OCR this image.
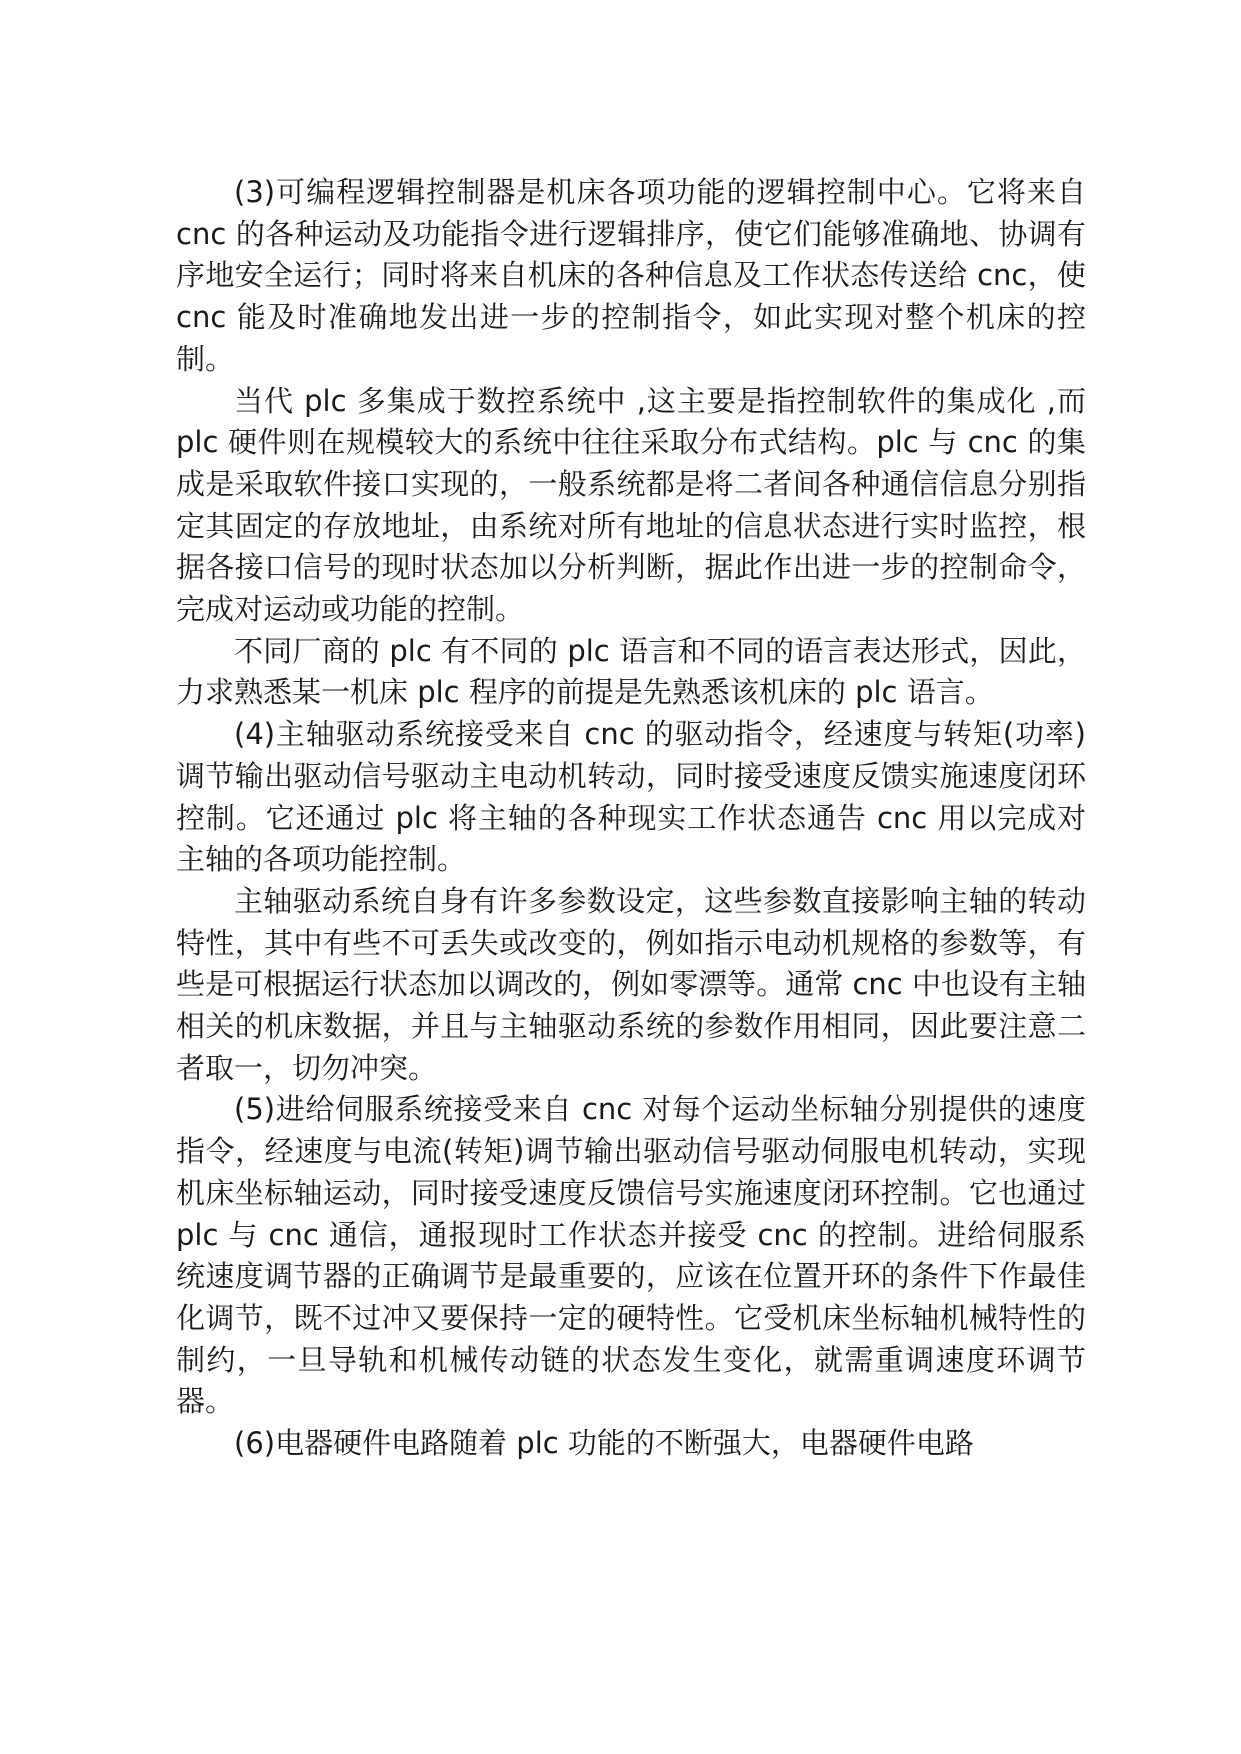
(3)可编程逻辑控制器是机床各项功能的逻辑控制中心。它将来自 cnc 的各种运动及功能指令进行逻辑排序，使它们能够准确地、协调有序地安全运行；同时将来自机床的各种信息及工作状态传送给 cnc，使 cnc 能及时准确地发出进一步的控制指令，如此实现对整个机床的控制。

当代 plc 多集成于数控系统中 ,这主要是指控制软件的集成化 ,而 plc 硬件则在规模较大的系统中往往采取分布式结构。plc 与 cnc 的集成是采取软件接口实现的，一般系统都是将二者间各种通信信息分别指定其固定的存放地址，由系统对所有地址的信息状态进行实时监控，根据各接口信号的现时状态加以分析判断，据此作出进一步的控制命令，完成对运动或功能的控制。

不同厂商的 plc 有不同的 plc 语言和不同的语言表达形式，因此，力求熟悉某一机床 plc 程序的前提是先熟悉该机床的 plc 语言。

(4)主轴驱动系统接受来自 cnc 的驱动指令，经速度与转矩(功率)调节输出驱动信号驱动主电动机转动，同时接受速度反馈实施速度闭环控制。它还通过 plc 将主轴的各种现实工作状态通告 cnc 用以完成对主轴的各项功能控制。

主轴驱动系统自身有许多参数设定，这些参数直接影响主轴的转动特性，其中有些不可丢失或改变的，例如指示电动机规格的参数等，有些是可根据运行状态加以调改的，例如零漂等。通常 cnc 中也设有主轴相关的机床数据，并且与主轴驱动系统的参数作用相同，因此要注意二者取一，切勿冲突。

(5)进给伺服系统接受来自 cnc 对每个运动坐标轴分别提供的速度指令，经速度与电流(转矩)调节输出驱动信号驱动伺服电机转动，实现机床坐标轴运动，同时接受速度反馈信号实施速度闭环控制。它也通过 plc 与 cnc 通信，通报现时工作状态并接受 cnc 的控制。进给伺服系统速度调节器的正确调节是最重要的，应该在位置开环的条件下作最佳化调节，既不过冲又要保持一定的硬特性。它受机床坐标轴机械特性的制约，一旦导轨和机械传动链的状态发生变化，就需重调速度环调节器。

(6)电器硬件电路随着 plc 功能的不断强大，电器硬件电路
